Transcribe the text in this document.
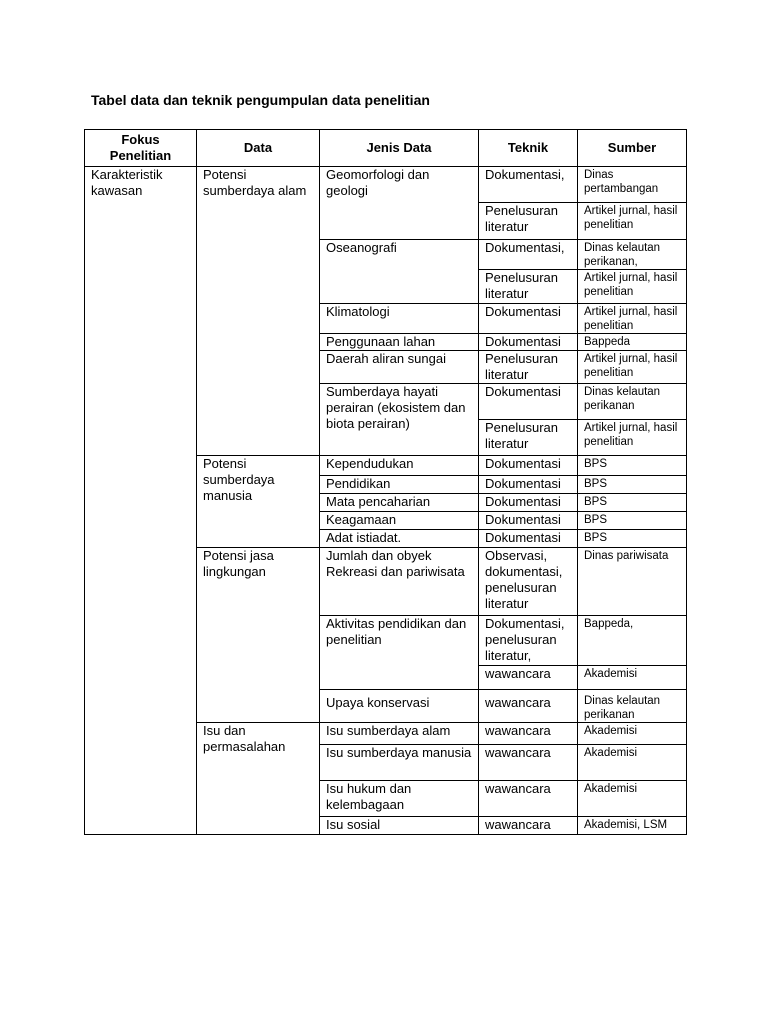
Tabel data dan teknik pengumpulan data penelitian
Fokus Penelitian	Data	Jenis Data	Teknik	Sumber
Karakteristik kawasan	Potensi sumberdaya alam	Geomorfologi dan geologi	Dokumentasi,	Dinas pertambangan
			Penelusuran literatur	Artikel jurnal, hasil penelitian
		Oseanografi	Dokumentasi,	Dinas kelautan perikanan,
			Penelusuran literatur	Artikel jurnal, hasil penelitian
		Klimatologi	Dokumentasi	Artikel jurnal, hasil penelitian
		Penggunaan lahan	Dokumentasi	Bappeda
		Daerah aliran sungai	Penelusuran literatur	Artikel jurnal, hasil penelitian
		Sumberdaya hayati perairan (ekosistem dan biota perairan)	Dokumentasi	Dinas kelautan perikanan
			Penelusuran literatur	Artikel jurnal, hasil penelitian
	Potensi sumberdaya manusia	Kependudukan	Dokumentasi	BPS
		Pendidikan	Dokumentasi	BPS
		Mata pencaharian	Dokumentasi	BPS
		Keagamaan	Dokumentasi	BPS
		Adat istiadat.	Dokumentasi	BPS
	Potensi jasa lingkungan	Jumlah dan obyek Rekreasi dan pariwisata	Observasi, dokumentasi, penelusuran literatur	Dinas pariwisata
		Aktivitas pendidikan dan penelitian	Dokumentasi, penelusuran literatur,	Bappeda,
			wawancara	Akademisi
		Upaya konservasi	wawancara	Dinas kelautan perikanan
	Isu dan permasalahan	Isu sumberdaya alam	wawancara	Akademisi
		Isu sumberdaya manusia	wawancara	Akademisi
		Isu hukum dan kelembagaan	wawancara	Akademisi
		Isu sosial	wawancara	Akademisi, LSM
